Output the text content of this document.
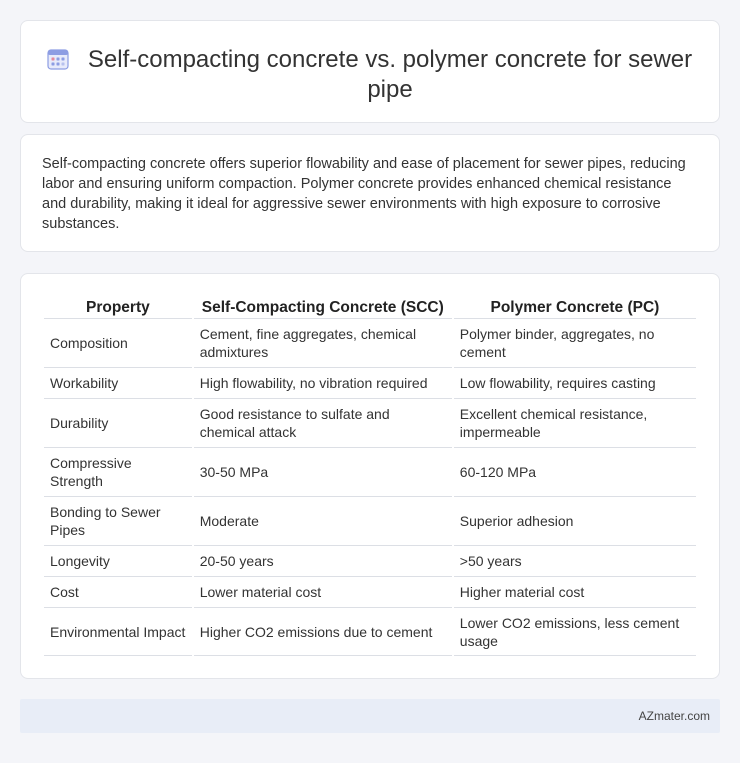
Self-compacting concrete vs. polymer concrete for sewer pipe

Self-compacting concrete offers superior flowability and ease of placement for sewer pipes, reducing labor and ensuring uniform compaction. Polymer concrete provides enhanced chemical resistance and durability, making it ideal for aggressive sewer environments with high exposure to corrosive substances.

Property	Self-Compacting Concrete (SCC)	Polymer Concrete (PC)
Composition	Cement, fine aggregates, chemical admixtures	Polymer binder, aggregates, no cement
Workability	High flowability, no vibration required	Low flowability, requires casting
Durability	Good resistance to sulfate and chemical attack	Excellent chemical resistance, impermeable
Compressive Strength	30-50 MPa	60-120 MPa
Bonding to Sewer Pipes	Moderate	Superior adhesion
Longevity	20-50 years	>50 years
Cost	Lower material cost	Higher material cost
Environmental Impact	Higher CO2 emissions due to cement	Lower CO2 emissions, less cement usage
AZmater.com
